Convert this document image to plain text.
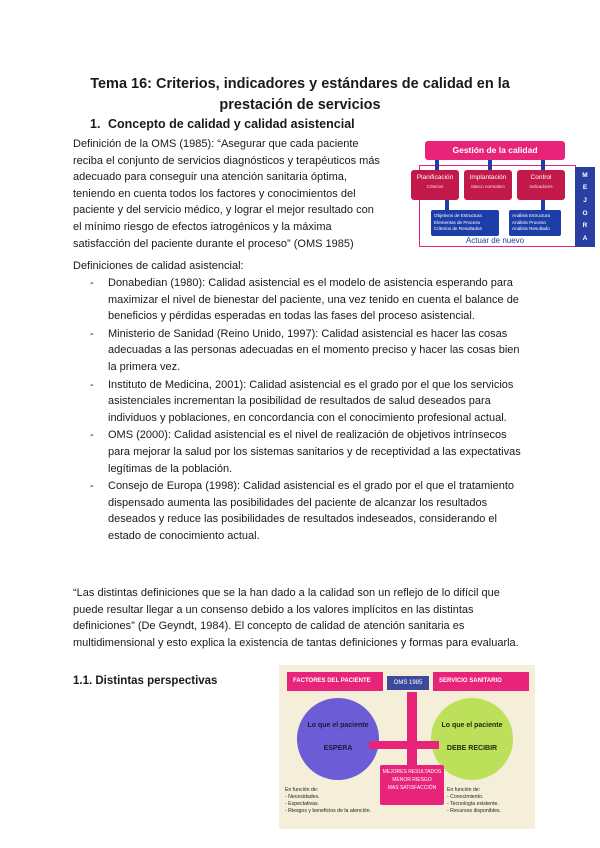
Tema 16: Criterios, indicadores y estándares de calidad en la
prestación de servicios
1. Concepto de calidad y calidad asistencial

Definición de la OMS (1985): “Asegurar que cada paciente
reciba el conjunto de servicios diagnósticos y terapéuticos más
adecuado para conseguir una atención sanitaria óptima,
teniendo en cuenta todos los factores y conocimientos del
paciente y del servicio médico, y lograr el mejor resultado con
el mínimo riesgo de efectos iatrogénicos y la máxima
satisfacción del paciente durante el proceso” (OMS 1985)

Definiciones de calidad asistencial:

- Donabedian (1980): Calidad asistencial es el modelo de asistencia esperando para maximizar el nivel de bienestar del paciente, una vez tenido en cuenta el balance de beneficios y pérdidas esperadas en todas las fases del proceso asistencial.
- Ministerio de Sanidad (Reino Unido, 1997): Calidad asistencial es hacer las cosas adecuadas a las personas adecuadas en el momento preciso y hacer las cosas bien la primera vez.
- Instituto de Medicina, 2001): Calidad asistencial es el grado por el que los servicios asistenciales incrementan la posibilidad de resultados de salud deseados para individuos y poblaciones, en concordancia con el conocimiento profesional actual.
- OMS (2000): Calidad asistencial es el nivel de realización de objetivos intrínsecos para mejorar la salud por los sistemas sanitarios y de receptividad a las expectativas legítimas de la población.
- Consejo de Europa (1998): Calidad asistencial es el grado por el que el tratamiento dispensado aumenta las posibilidades del paciente de alcanzar los resultados deseados y reduce las posibilidades de resultados indeseados, considerando el estado de conocimiento actual.

“Las distintas definiciones que se la han dado a la calidad son un reflejo de lo difícil que puede resultar llegar a un consenso debido a los valores implícitos en las distintas definiciones” (De Geyndt, 1984). El concepto de calidad de atención sanitaria es multidimensional y esto explica la existencia de tantas definiciones y formas para evaluarla.

1.1. Distintas perspectivas
Gestión de la calidad
Planificación
Criterios
Implantación
Marco normativo
Control
Indicadores
Objetivos de Estructura
Elementos de Proceso
Criterios de Resultados
Análisis Estructura
Análisis Proceso
Análisis Resultado
M
E
J
O
R
A
Actuar de nuevo
FACTORES DEL PACIENTE	SERVICIO SANITARIO
OMS 1985
Lo que el paciente
ESPERA
Lo que el paciente
DEBE RECIBIR
MEJORES RESULTADOS
MENOR RIESGO
MAS SATISFACCIÓN
En función de:
- Necesidades.
- Expectativas.
- Riesgos y beneficios de la atención.
En función de:
- Conocimiento.
- Tecnología existente.
- Recursos disponibles.
